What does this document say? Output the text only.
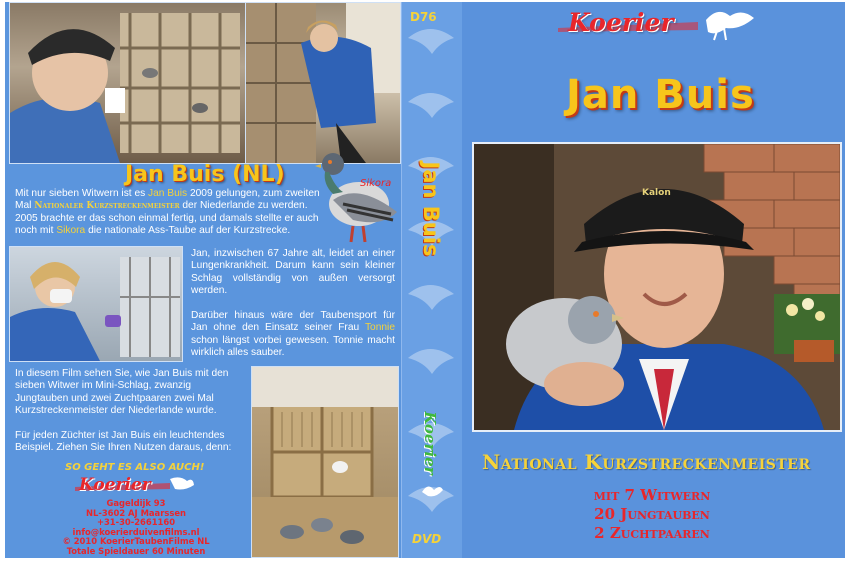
Sikora
Jan Buis (NL)
Mit nur sieben Witwern ist es Jan Buis 2009 gelungen, zum zweiten Mal Nationaler Kurzstreckenmeister der Niederlande zu werden. 2005 brachte er das schon einmal fertig, und damals stellte er auch noch mit Sikora die nationale Ass-Taube auf der Kurzstrecke.
Jan, inzwischen 67 Jahre alt, leidet an einer Lungenkrankheit. Darum kann sein kleiner Schlag vollständig von außen versorgt werden.
Darüber hinaus wäre der Taubensport für Jan ohne den Einsatz seiner Frau Tonnie schon längst vorbei gewesen. Tonnie macht wirklich alles sauber.
In diesem Film sehen Sie, wie Jan Buis mit den sieben Witwer im Mini-Schlag, zwanzig Jungtauben und zwei Zuchtpaaren zwei Mal Kurzstreckenmeister der Niederlande wurde.
Für jeden Züchter ist Jan Buis ein leuchtendes Beispiel. Ziehen Sie Ihren Nutzen daraus, denn:
SO GEHT ES ALSO AUCH!
Koerier
Gageldijk 93
NL-3602 AJ Maarssen
+31-30-2661160
info@koerierduivenfilms.nl
© 2010 KoerierTaubenFilme NL
Totale Spieldauer 60 Minuten
D76
Jan Buis
Koerier
DVD
Koerier
Jan Buis
Kalon
National Kurzstreckenmeister
mit 7 Witwern
20 Jungtauben
2 Zuchtpaaren
